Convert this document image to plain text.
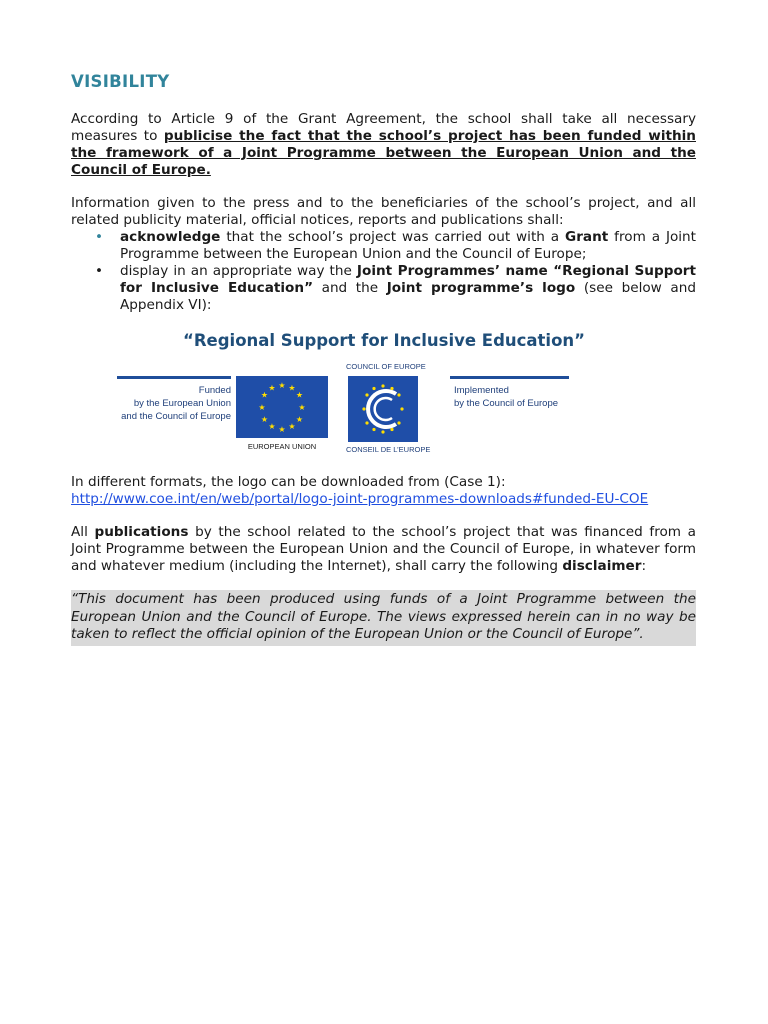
VISIBILITY
According to Article 9 of the Grant Agreement, the school shall take all necessary measures to publicise the fact that the school’s project has been funded within the framework of a Joint Programme between the European Union and the Council of Europe.
Information given to the press and to the beneficiaries of the school’s project, and all related publicity material, official notices, reports and publications shall:
• acknowledge that the school’s project was carried out with a Grant from a Joint Programme between the European Union and the Council of Europe;
• display in an appropriate way the Joint Programmes’ name “Regional Support for Inclusive Education” and the Joint programme’s logo (see below and Appendix VI):
“Regional Support for Inclusive Education”
Funded
by the European Union
and the Council of Europe
★ ★
★
★
★
★
★
★
★
★
★
★
EUROPEAN UNION
COUNCIL OF EUROPE
CONSEIL DE L’EUROPE
Implemented
by the Council of Europe
In different formats, the logo can be downloaded from (Case 1):
http://www.coe.int/en/web/portal/logo-joint-programmes-downloads#funded-EU-COE
All publications by the school related to the school’s project that was financed from a Joint Programme between the European Union and the Council of Europe, in whatever form and whatever medium (including the Internet), shall carry the following disclaimer:
“This document has been produced using funds of a Joint Programme between the European Union and the Council of Europe. The views expressed herein can in no way be taken to reflect the official opinion of the European Union or the Council of Europe”.
